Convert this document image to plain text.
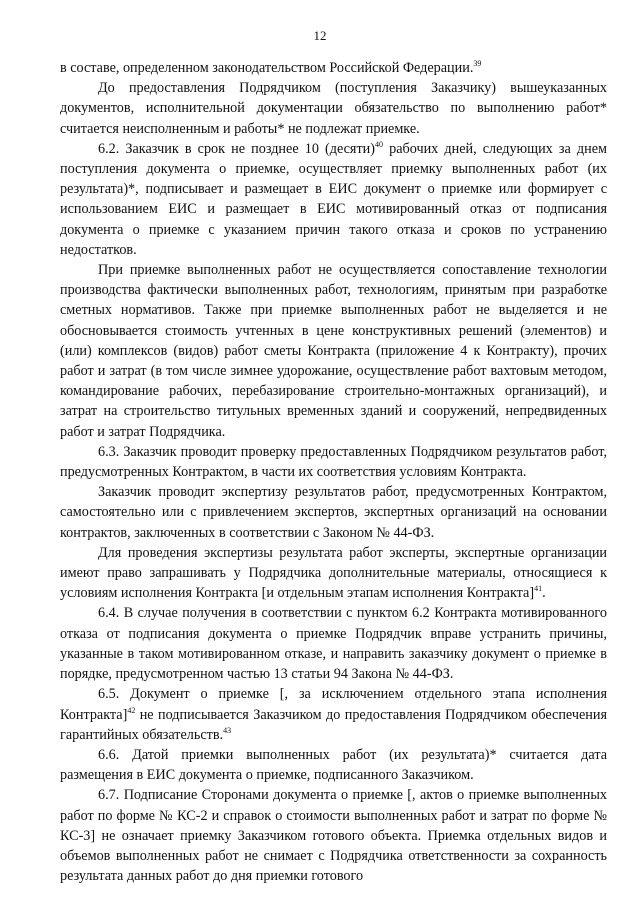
12

в составе, определенном законодательством Российской Федерации.$^{39}$

До предоставления Подрядчиком (поступления Заказчику) вышеуказанных документов, исполнительной документации обязательство по выполнению работ* считается неисполненным и работы* не подлежат приемке.

6.2. Заказчик в срок не позднее 10 (десяти)$^{40}$ рабочих дней, следующих за днем поступления документа о приемке, осуществляет приемку выполненных работ (их результата)*, подписывает и размещает в ЕИС документ о приемке или формирует с использованием ЕИС и размещает в ЕИС мотивированный отказ от подписания документа о приемке с указанием причин такого отказа и сроков по устранению недостатков.

При приемке выполненных работ не осуществляется сопоставление технологии производства фактически выполненных работ, технологиям, принятым при разработке сметных нормативов. Также при приемке выполненных работ не выделяется и не обосновывается стоимость учтенных в цене конструктивных решений (элементов) и (или) комплексов (видов) работ сметы Контракта (приложение 4 к Контракту), прочих работ и затрат (в том числе зимнее удорожание, осуществление работ вахтовым методом, командирование рабочих, перебазирование строительно-монтажных организаций), и затрат на строительство титульных временных зданий и сооружений, непредвиденных работ и затрат Подрядчика.

6.3. Заказчик проводит проверку предоставленных Подрядчиком результатов работ, предусмотренных Контрактом, в части их соответствия условиям Контракта.

Заказчик проводит экспертизу результатов работ, предусмотренных Контрактом, самостоятельно или с привлечением экспертов, экспертных организаций на основании контрактов, заключенных в соответствии с Законом № 44-ФЗ.

Для проведения экспертизы результата работ эксперты, экспертные организации имеют право запрашивать у Подрядчика дополнительные материалы, относящиеся к условиям исполнения Контракта [и отдельным этапам исполнения Контракта]$^{41}$.

6.4. В случае получения в соответствии с пунктом 6.2 Контракта мотивированного отказа от подписания документа о приемке Подрядчик вправе устранить причины, указанные в таком мотивированном отказе, и направить заказчику документ о приемке в порядке, предусмотренном частью 13 статьи 94 Закона № 44-ФЗ.

6.5. Документ о приемке [, за исключением отдельного этапа исполнения Контракта]$^{42}$ не подписывается Заказчиком до предоставления Подрядчиком обеспечения гарантийных обязательств.$^{43}$

6.6. Датой приемки выполненных работ (их результата)* считается дата размещения в ЕИС документа о приемке, подписанного Заказчиком.

6.7. Подписание Сторонами документа о приемке [, актов о приемке выполненных работ по форме № КС-2 и справок о стоимости выполненных работ и затрат по форме № КС-3] не означает приемку Заказчиком готового объекта. Приемка отдельных видов и объемов выполненных работ не снимает с Подрядчика ответственности за сохранность результата данных работ до дня приемки готового
